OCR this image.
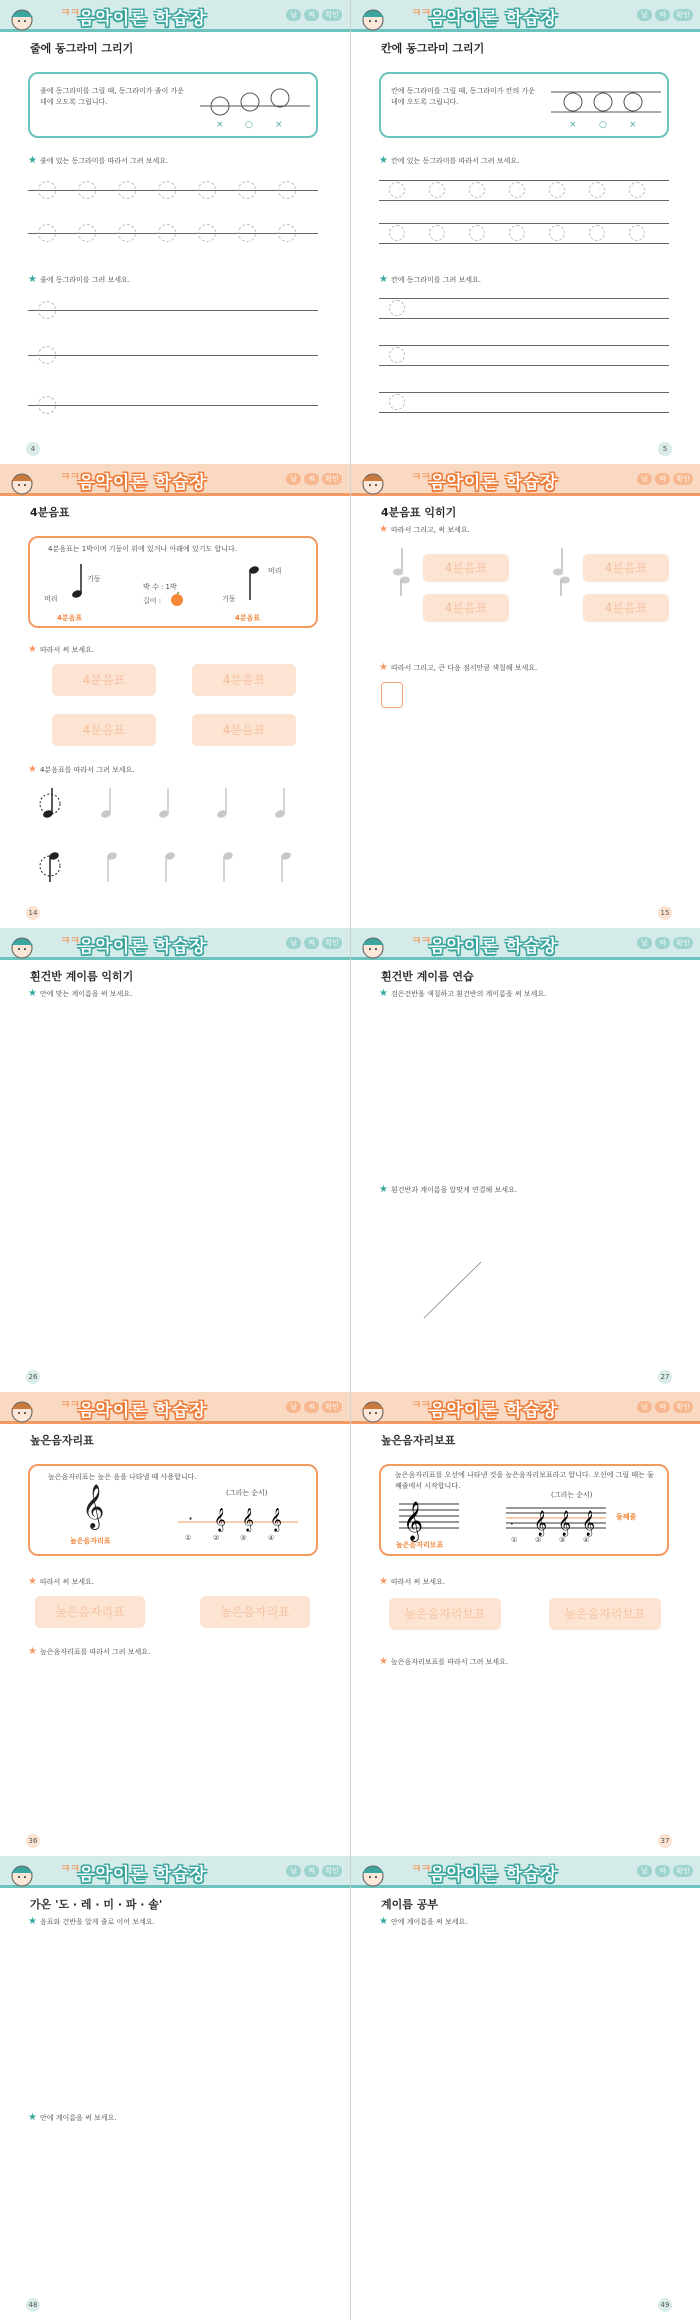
ㅋㅋ
음악이론 학습장	날	짜	확인
줄에 동그라미 그리기
줄에 동그라미를 그릴 때, 동그라미가 줄이 가운데에 오도록 그립니다.
× ○ ×
★ 줄에 있는 동그라미를 따라서 그려 보세요.
★ 줄에 동그라미를 그려 보세요.
4
ㅋㅋ
음악이론 학습장	날	짜	확인
칸에 동그라미 그리기
칸에 동그라미를 그릴 때, 동그라미가 칸의 가운데에 오도록 그립니다.
× ○ ×
★ 칸에 있는 동그라미를 따라서 그려 보세요.
★ 칸에 동그라미를 그려 보세요.
5
ㅋㅋ
음악이론 학습장	날	짜	확인
4분음표
4분음표는 1박이며 기둥이 위에 있거나 아래에 있기도 합니다.
기둥
머리
4분음표
박 수 : 1박
길이 :
머리
기둥
4분음표
★ 따라서 써 보세요.
4분음표	4분음표
4분음표	4분음표
★ 4분음표를 따라서 그려 보세요.
14
ㅋㅋ
음악이론 학습장	날	짜	확인
4분음표 익히기
★ 따라서 그리고, 써 보세요.
4분음표
4분음표
4분음표
4분음표
★ 따라서 그리고, 큰 다음 점서만큼 색칠해 보세요.
15
ㅋㅋ
음악이론 학습장	날	짜	확인
흰건반 계이름 익히기
★ 안에 맞는 계이름을 써 보세요.
26
ㅋㅋ
음악이론 학습장	날	짜	확인
흰건반 계이름 연습
★ 검은건반을 색칠하고 흰건반의 계이름을 써 보세요.
★ 흰건반과 계이름을 알맞게 연결해 보세요.
27
ㅋㅋ
음악이론 학습장	날	짜	확인
높은음자리표
높은음자리표는 높은 음을 나타낼 때 사용합니다.
𝄞
높은음자리표
(그리는 순서)
· 𝄞 𝄞 𝄞
①	②	③	④
★ 따라서 써 보세요.
높은음자리표	높은음자리표
★ 높은음자리표를 따라서 그려 보세요.
36
ㅋㅋ
음악이론 학습장	날	짜	확인
높은음자리보표
높은음자리표를 오선에 나타낸 것을 높은음자리보표라고 합니다. 오선에 그릴 때는 둘째줄에서 시작합니다.
𝄞
높은음자리보표
(그리는 순서)
· 𝄞 𝄞 𝄞	둘째줄
①	②	③	④
★ 따라서 써 보세요.
높은음자리보표	높은음자리보표
★ 높은음자리보표를 따라서 그려 보세요.
37
ㅋㅋ
음악이론 학습장	날	짜	확인
가온 '도 · 레 · 미 · 파 · 솔'
★ 음표와 건반을 알게 줄로 이어 보세요.
★ 안에 계이름을 써 보세요.
48
ㅋㅋ
음악이론 학습장	날	짜	확인
계이름 공부
★ 안에 계이름을 써 보세요.
49
